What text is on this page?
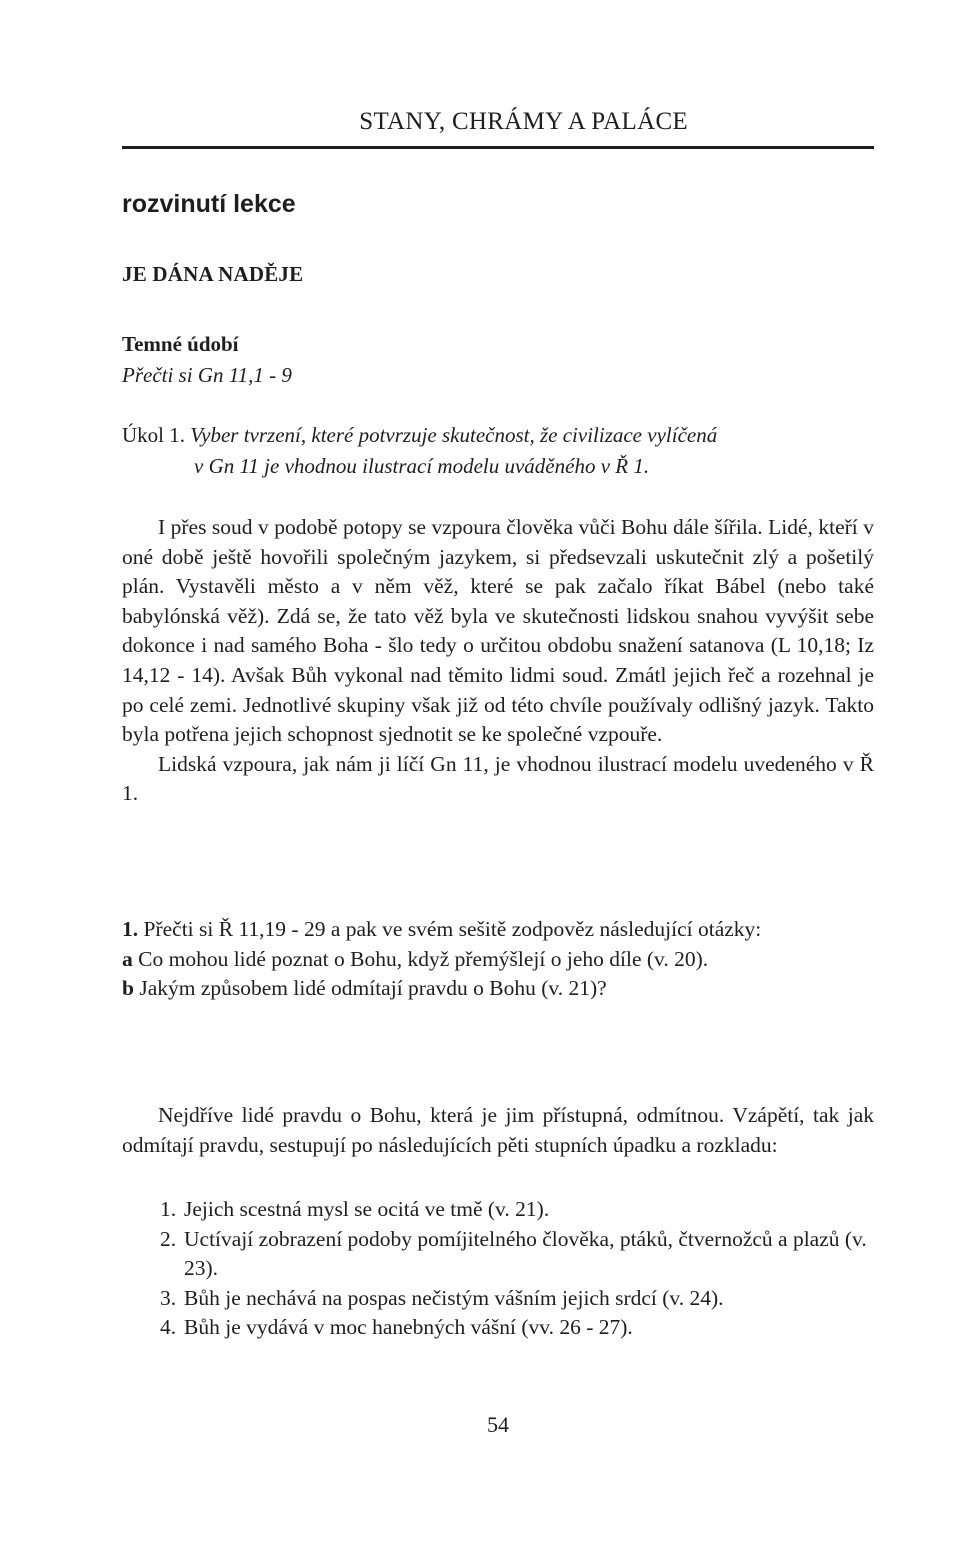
STANY, CHRÁMY A PALÁCE
rozvinutí lekce
JE DÁNA NADĚJE
Temné údobí
Přečti si Gn 11,1 - 9
Úkol 1. Vyber tvrzení, které potvrzuje skutečnost, že civilizace vylíčená
v Gn 11 je vhodnou ilustrací modelu uváděného v Ř 1.

I přes soud v podobě potopy se vzpoura člověka vůči Bohu dále šířila. Lidé, kteří v oné době ještě hovořili společným jazykem, si předsevzali uskutečnit zlý a pošetilý plán. Vystavěli město a v něm věž, které se pak začalo říkat Bábel (nebo také babylónská věž). Zdá se, že tato věž byla ve skutečnosti lidskou snahou vyvýšit sebe dokonce i nad samého Boha - šlo tedy o určitou obdobu snažení satanova (L 10,18; Iz 14,12 - 14). Avšak Bůh vykonal nad těmito lidmi soud. Zmátl jejich řeč a rozehnal je po celé zemi. Jednotlivé skupiny však již od této chvíle používaly odlišný jazyk. Takto byla potřena jejich schopnost sjednotit se ke společné vzpouře.

Lidská vzpoura, jak nám ji líčí Gn 11, je vhodnou ilustrací modelu uvedeného v Ř 1.

1. Přečti si Ř 11,19 - 29 a pak ve svém sešitě zodpověz následující otázky:
a Co mohou lidé poznat o Bohu, když přemýšlejí o jeho díle (v. 20).
b Jakým způsobem lidé odmítají pravdu o Bohu (v. 21)?

Nejdříve lidé pravdu o Bohu, která je jim přístupná, odmítnou. Vzápětí, tak jak odmítají pravdu, sestupují po následujících pěti stupních úpadku a rozkladu:

1. Jejich scestná mysl se ocitá ve tmě (v. 21).
2. Uctívají zobrazení podoby pomíjitelného člověka, ptáků, čtvernožců a plazů (v. 23).
3. Bůh je nechává na pospas nečistým vášním jejich srdcí (v. 24).
4. Bůh je vydává v moc hanebných vášní (vv. 26 - 27).
54
